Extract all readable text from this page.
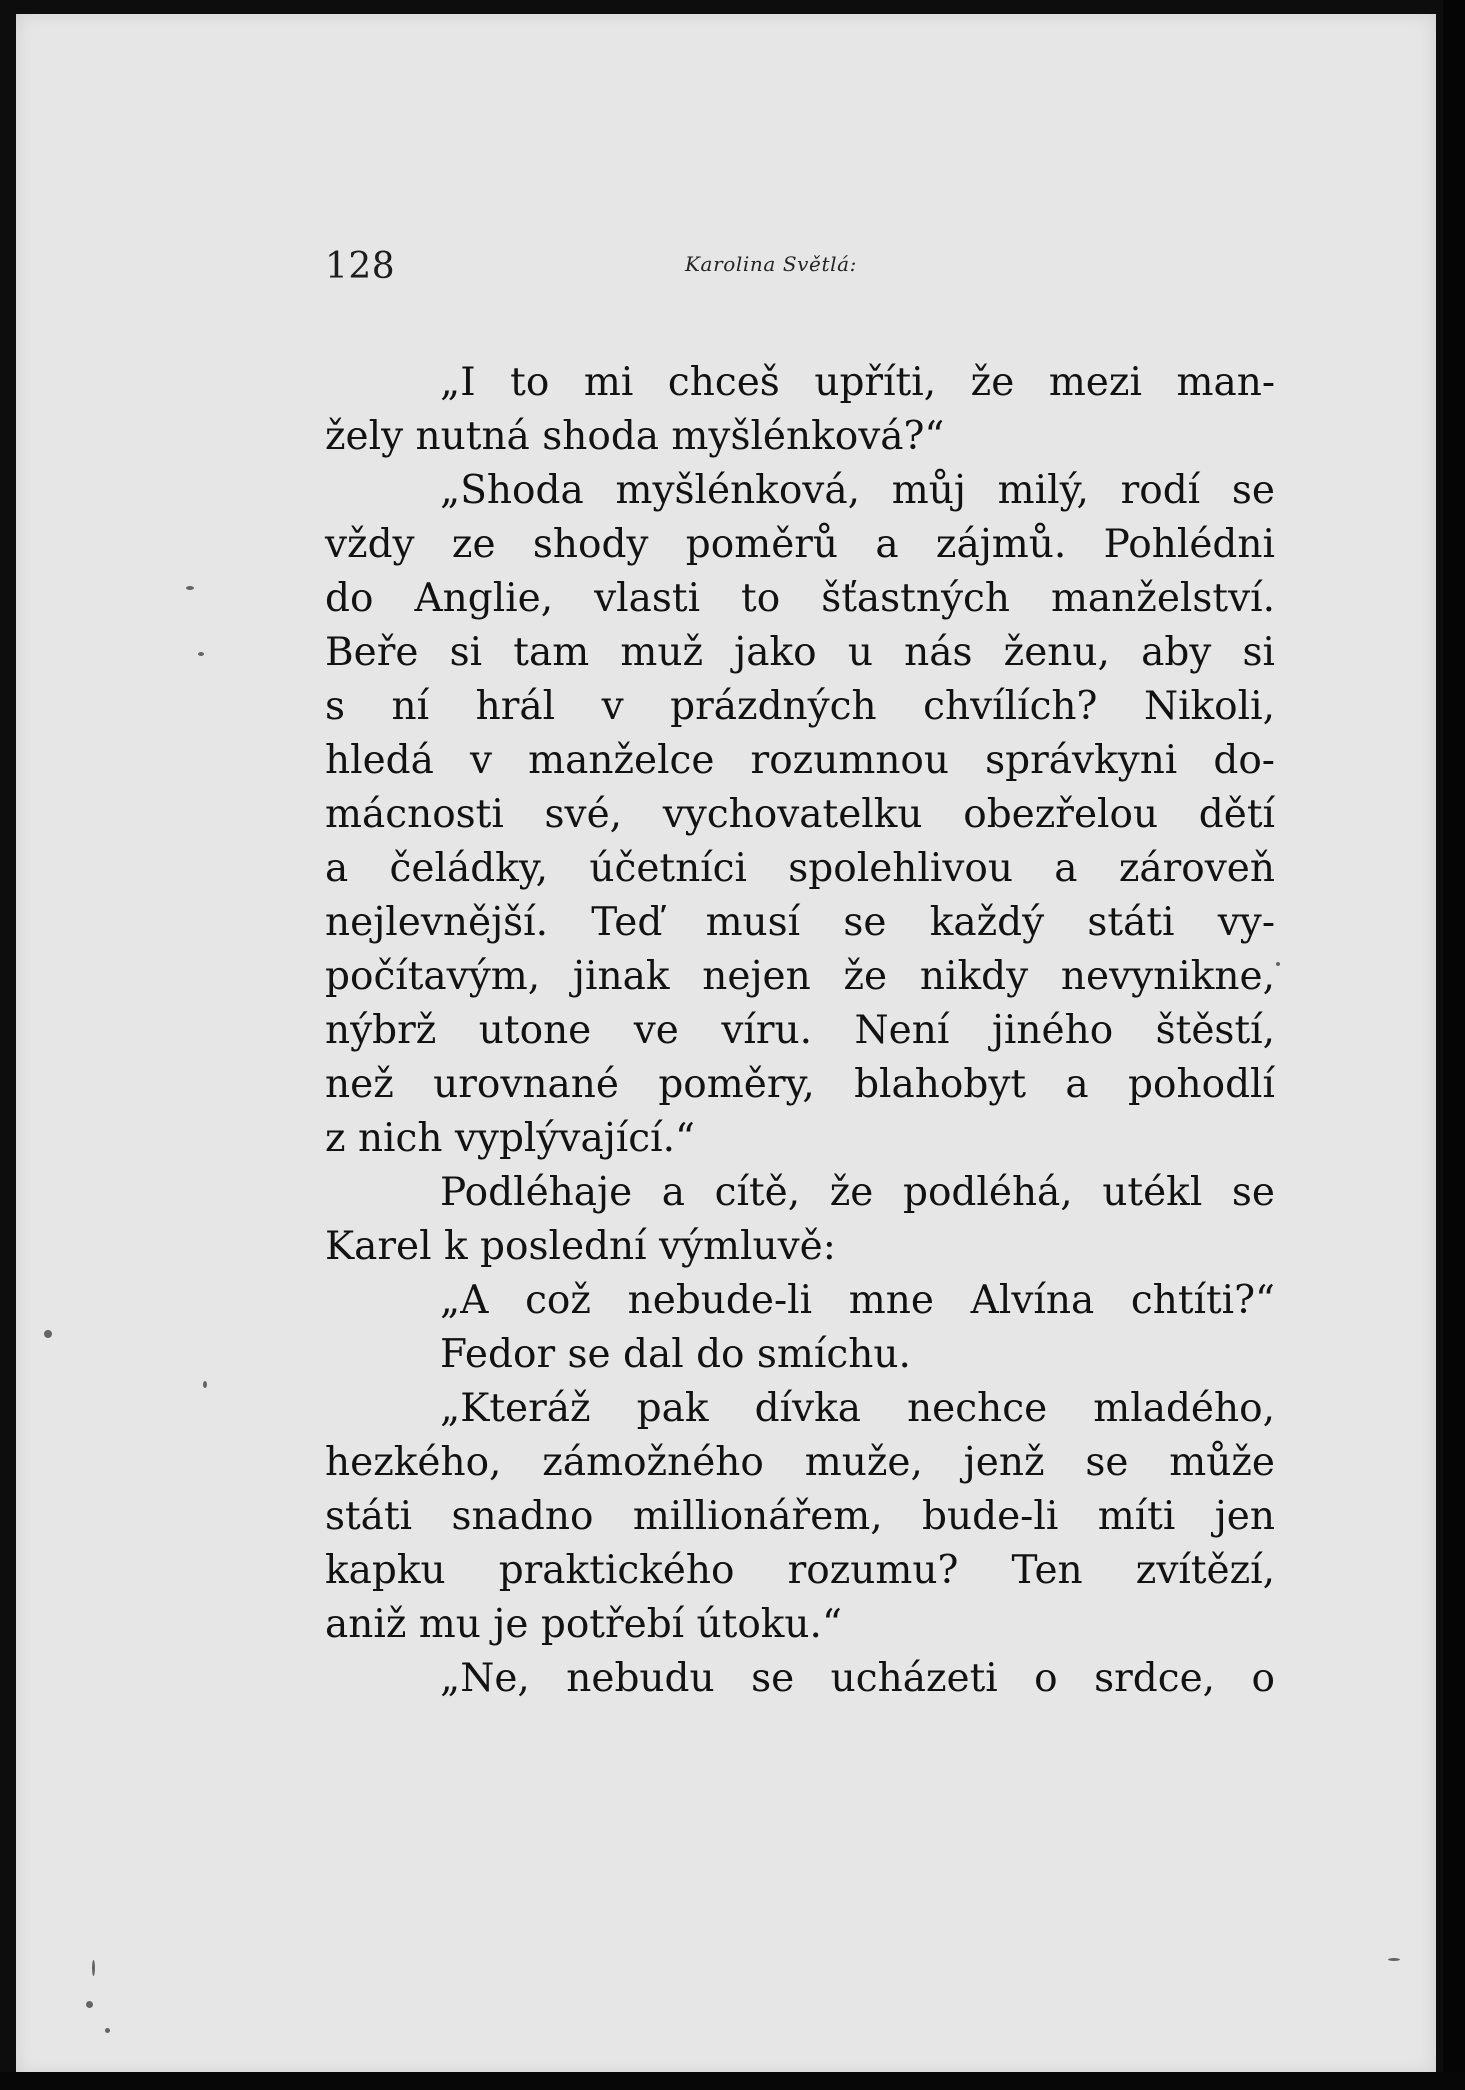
128	Karolina Světlá:
„I to mi chceš upříti, že mezi man-
žely nutná shoda myšlénková?“
„Shoda myšlénková, můj milý, rodí se
vždy ze shody poměrů a zájmů. Pohlédni
do Anglie, vlasti to šťastných manželství.
Beře si tam muž jako u nás ženu, aby si
s ní hrál v prázdných chvílích? Nikoli,
hledá v manželce rozumnou správkyni do-
mácnosti své, vychovatelku obezřelou dětí
a čeládky, účetníci spolehlivou a zároveň
nejlevnější. Teď musí se každý státi vy-
počítavým, jinak nejen že nikdy nevynikne,
nýbrž utone ve víru. Není jiného štěstí,
než urovnané poměry, blahobyt a pohodlí
z nich vyplývající.“
Podléhaje a cítě, že podléhá, utékl se
Karel k poslední výmluvě:
„A což nebude-li mne Alvína chtíti?“
Fedor se dal do smíchu.
„Kteráž pak dívka nechce mladého,
hezkého, zámožného muže, jenž se může
státi snadno millionářem, bude-li míti jen
kapku praktického rozumu? Ten zvítězí,
aniž mu je potřebí útoku.“
„Ne, nebudu se ucházeti o srdce, o
